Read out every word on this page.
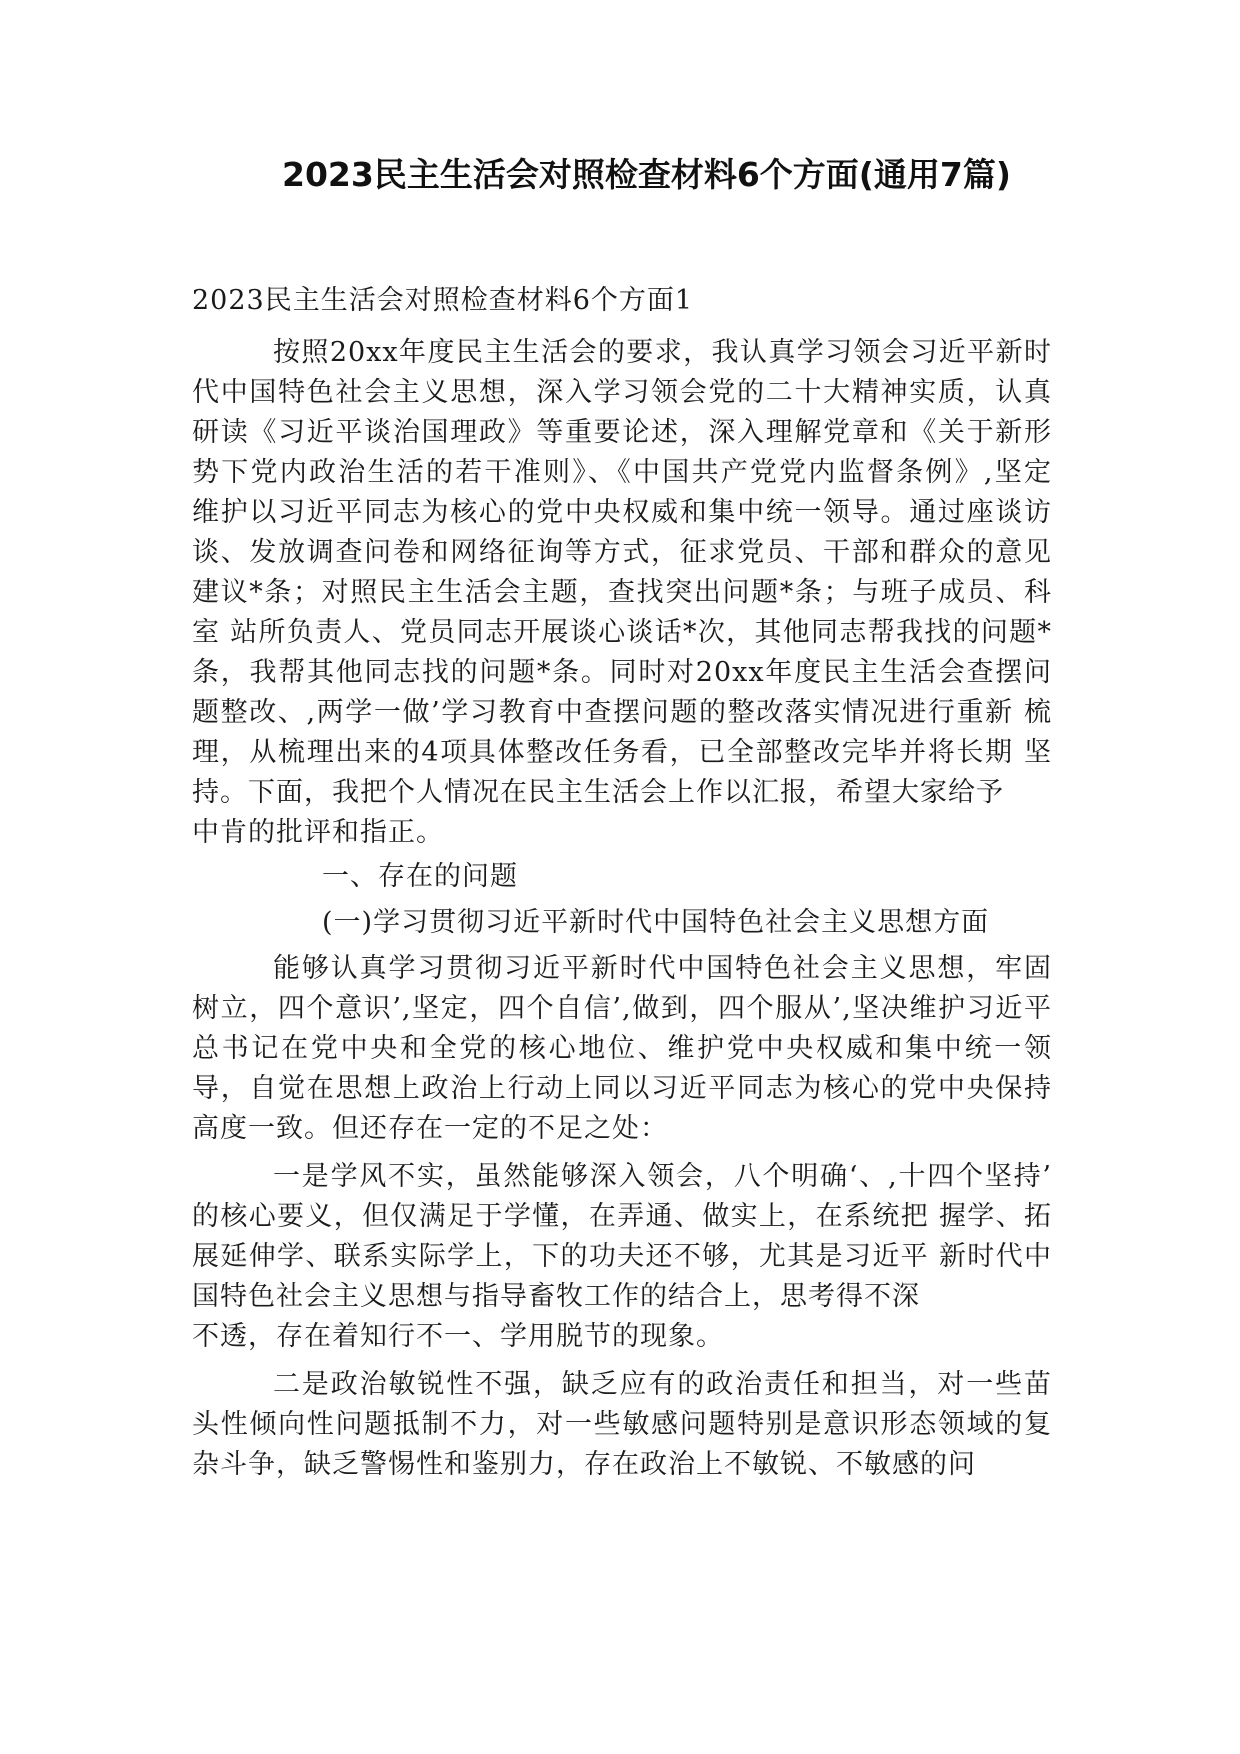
2023民主生活会对照检查材料6个方面(通用7篇)

2023民主生活会对照检查材料6个方面1

按照20xx年度民主生活会的要求，我认真学习领会习近平新时 代中国特色社会主义思想，深入学习领会党的二十大精神实质，认真 研读《习近平谈治国理政》等重要论述，深入理解党章和《关于新形 势下党内政治生活的若干准则》、《中国共产党党内监督条例》,坚定 维护以习近平同志为核心的党中央权威和集中统一领导。通过座谈访 谈、发放调查问卷和网络征询等方式，征求党员、干部和群众的意见 建议*条；对照民主生活会主题，查找突出问题*条；与班子成员、科室 站所负责人、党员同志开展谈心谈话*次，其他同志帮我找的问题* 条，我帮其他同志找的问题*条。同时对20xx年度民主生活会查摆问 题整改、,两学一做’学习教育中查摆问题的整改落实情况进行重新 梳理，从梳理出来的4项具体整改任务看，已全部整改完毕并将长期 坚持。下面，我把个人情况在民主生活会上作以汇报，希望大家给予

中肯的批评和指正。

一、存在的问题

(一)学习贯彻习近平新时代中国特色社会主义思想方面

能够认真学习贯彻习近平新时代中国特色社会主义思想，牢固树立，四个意识’,坚定，四个自信’,做到，四个服从’,坚决维护习近平总书记在党中央和全党的核心地位、维护党中央权威和集中统一领导，自觉在思想上政治上行动上同以习近平同志为核心的党中央保持高度一致。但还存在一定的不足之处：

一是学风不实，虽然能够深入领会，八个明确‘、,十四个坚持’ 的核心要义，但仅满足于学懂，在弄通、做实上，在系统把 握学、拓展延伸学、联系实际学上，下的功夫还不够，尤其是习近平 新时代中国特色社会主义思想与指导畜牧工作的结合上，思考得不深

不透，存在着知行不一、学用脱节的现象。

二是政治敏锐性不强，缺乏应有的政治责任和担当，对一些苗头性倾向性问题抵制不力，对一些敏感问题特别是意识形态领域的复杂斗争，缺乏警惕性和鉴别力，存在政治上不敏锐、不敏感的问
